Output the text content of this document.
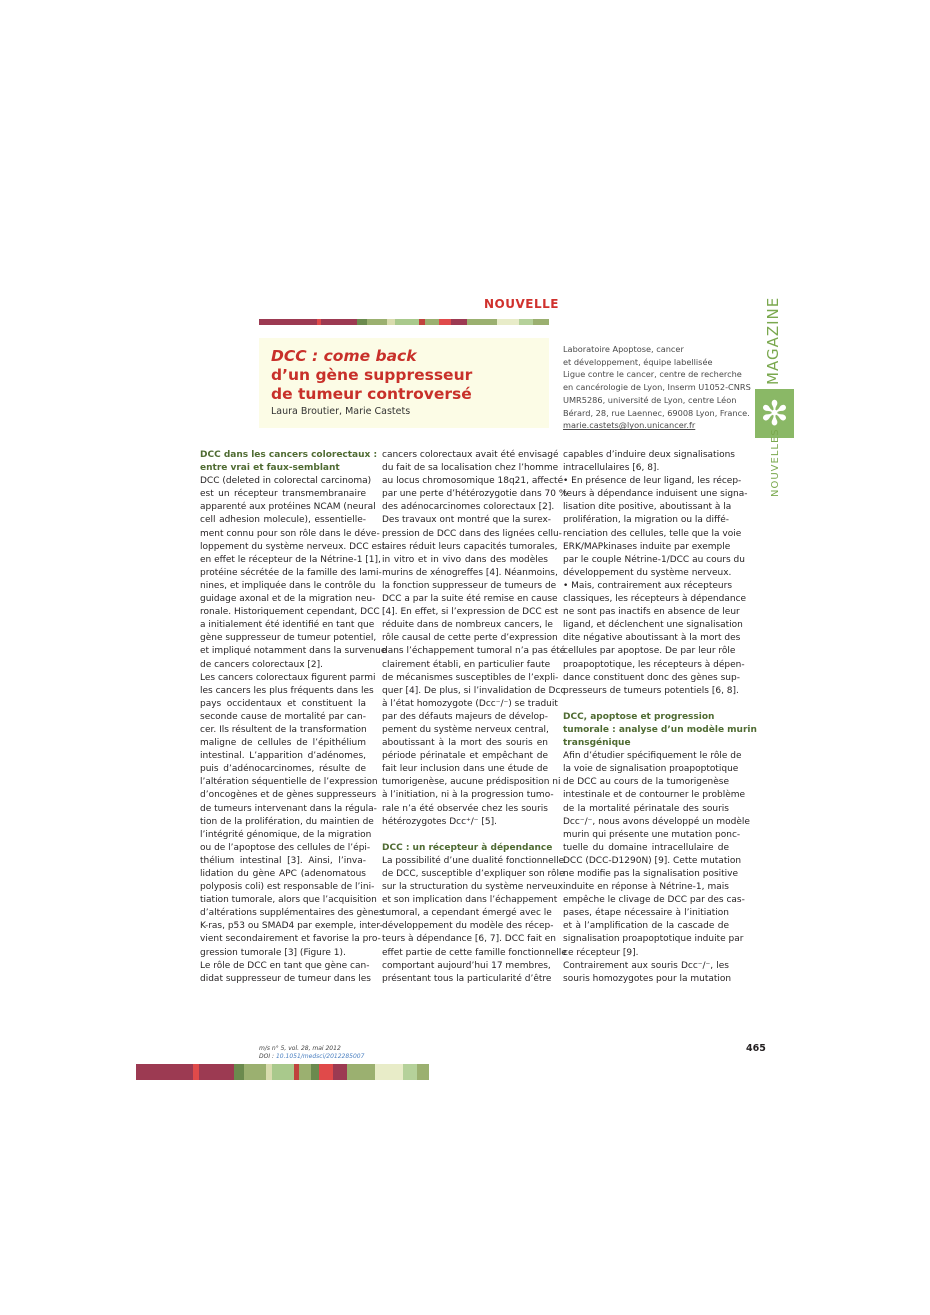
NOUVELLE
DCC : come back
d’un gène suppresseur
de tumeur controversé
Laura Broutier, Marie Castets
Laboratoire Apoptose, cancer
et développement, équipe labellisée
Ligue contre le cancer, centre de recherche
en cancérologie de Lyon, Inserm U1052-CNRS
UMR5286, université de Lyon, centre Léon
Bérard, 28, rue Laennec, 69008 Lyon, France.
marie.castets@lyon.unicancer.fr
MAGAZINE
✻
NOUVELLES
DCC dans les cancers colorectaux :
entre vrai et faux-semblant
DCC (deleted in colorectal carcinoma)
est un récepteur transmembranaire
apparenté aux protéines NCAM (neural
cell adhesion molecule), essentielle-
ment connu pour son rôle dans le déve-
loppement du système nerveux. DCC est
en effet le récepteur de la Nétrine-1 [1],
protéine sécrétée de la famille des lami-
nines, et impliquée dans le contrôle du
guidage axonal et de la migration neu-
ronale. Historiquement cependant, DCC
a initialement été identifié en tant que
gène suppresseur de tumeur potentiel,
et impliqué notamment dans la survenue
de cancers colorectaux [2].
Les cancers colorectaux figurent parmi
les cancers les plus fréquents dans les
pays occidentaux et constituent la
seconde cause de mortalité par can-
cer. Ils résultent de la transformation
maligne de cellules de l’épithélium
intestinal. L’apparition d’adénomes,
puis d’adénocarcinomes, résulte de
l’altération séquentielle de l’expression
d’oncogènes et de gènes suppresseurs
de tumeurs intervenant dans la régula-
tion de la prolifération, du maintien de
l’intégrité génomique, de la migration
ou de l’apoptose des cellules de l’épi-
thélium intestinal [3]. Ainsi, l’inva-
lidation du gène APC (adenomatous
polyposis coli) est responsable de l’ini-
tiation tumorale, alors que l’acquisition
d’altérations supplémentaires des gènes
K-ras, p53 ou SMAD4 par exemple, inter-
vient secondairement et favorise la pro-
gression tumorale [3] (Figure 1).
Le rôle de DCC en tant que gène can-
didat suppresseur de tumeur dans les
cancers colorectaux avait été envisagé
du fait de sa localisation chez l’homme
au locus chromosomique 18q21, affecté
par une perte d’hétérozygotie dans 70 %
des adénocarcinomes colorectaux [2].
Des travaux ont montré que la surex-
pression de DCC dans des lignées cellu-
laires réduit leurs capacités tumorales,
in vitro et in vivo dans des modèles
murins de xénogreffes [4]. Néanmoins,
la fonction suppresseur de tumeurs de
DCC a par la suite été remise en cause
[4]. En effet, si l’expression de DCC est
réduite dans de nombreux cancers, le
rôle causal de cette perte d’expression
dans l’échappement tumoral n’a pas été
clairement établi, en particulier faute
de mécanismes susceptibles de l’expli-
quer [4]. De plus, si l’invalidation de Dcc
à l’état homozygote (Dcc⁻/⁻) se traduit
par des défauts majeurs de dévelop-
pement du système nerveux central,
aboutissant à la mort des souris en
période périnatale et empêchant de
fait leur inclusion dans une étude de
tumorigenèse, aucune prédisposition ni
à l’initiation, ni à la progression tumo-
rale n’a été observée chez les souris
hétérozygotes Dcc⁺/⁻ [5].

DCC : un récepteur à dépendance
La possibilité d’une dualité fonctionnelle
de DCC, susceptible d’expliquer son rôle
sur la structuration du système nerveux
et son implication dans l’échappement
tumoral, a cependant émergé avec le
développement du modèle des récep-
teurs à dépendance [6, 7]. DCC fait en
effet partie de cette famille fonctionnelle
comportant aujourd’hui 17 membres,
présentant tous la particularité d’être
capables d’induire deux signalisations
intracellulaires [6, 8].
• En présence de leur ligand, les récep-
teurs à dépendance induisent une signa-
lisation dite positive, aboutissant à la
prolifération, la migration ou la diffé-
renciation des cellules, telle que la voie
ERK/MAPkinases induite par exemple
par le couple Nétrine-1/DCC au cours du
développement du système nerveux.
• Mais, contrairement aux récepteurs
classiques, les récepteurs à dépendance
ne sont pas inactifs en absence de leur
ligand, et déclenchent une signalisation
dite négative aboutissant à la mort des
cellules par apoptose. De par leur rôle
proapoptotique, les récepteurs à dépen-
dance constituent donc des gènes sup-
presseurs de tumeurs potentiels [6, 8].

DCC, apoptose et progression
tumorale : analyse d’un modèle murin
transgénique
Afin d’étudier spécifiquement le rôle de
la voie de signalisation proapoptotique
de DCC au cours de la tumorigenèse
intestinale et de contourner le problème
de la mortalité périnatale des souris
Dcc⁻/⁻, nous avons développé un modèle
murin qui présente une mutation ponc-
tuelle du domaine intracellulaire de
DCC (DCC-D1290N) [9]. Cette mutation
ne modifie pas la signalisation positive
induite en réponse à Nétrine-1, mais
empêche le clivage de DCC par des cas-
pases, étape nécessaire à l’initiation
et à l’amplification de la cascade de
signalisation proapoptotique induite par
ce récepteur [9].
Contrairement aux souris Dcc⁻/⁻, les
souris homozygotes pour la mutation
m/s n° 5, vol. 28, mai 2012
DOI : 10.1051/medsci/2012285007
465
